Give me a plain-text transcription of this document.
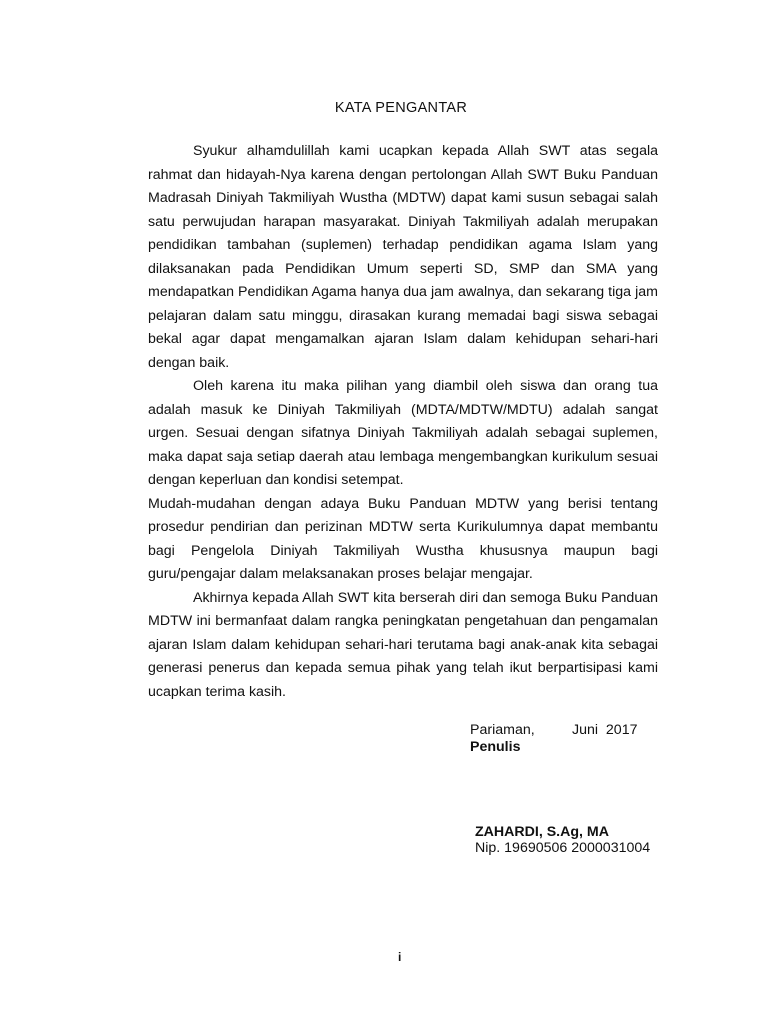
KATA PENGANTAR

Syukur alhamdulillah kami ucapkan kepada Allah SWT atas segala rahmat dan hidayah-Nya karena dengan pertolongan Allah SWT Buku Panduan Madrasah Diniyah Takmiliyah Wustha (MDTW) dapat kami susun sebagai salah satu perwujudan harapan masyarakat. Diniyah Takmiliyah adalah merupakan pendidikan tambahan (suplemen) terhadap pendidikan agama Islam yang dilaksanakan pada Pendidikan Umum seperti SD, SMP dan SMA yang mendapatkan Pendidikan Agama hanya dua jam awalnya, dan sekarang tiga jam pelajaran dalam satu minggu, dirasakan kurang memadai bagi siswa sebagai bekal agar dapat mengamalkan ajaran Islam dalam kehidupan sehari-hari dengan baik.

Oleh karena itu maka pilihan yang diambil oleh siswa dan orang tua adalah masuk ke Diniyah Takmiliyah (MDTA/MDTW/MDTU) adalah sangat urgen. Sesuai dengan sifatnya Diniyah Takmiliyah adalah sebagai suplemen, maka dapat saja setiap daerah atau lembaga mengembangkan kurikulum sesuai dengan keperluan dan kondisi setempat.

Mudah-mudahan dengan adaya Buku Panduan MDTW yang berisi tentang prosedur pendirian dan perizinan MDTW serta Kurikulumnya dapat membantu bagi Pengelola Diniyah Takmiliyah Wustha khususnya maupun bagi guru/pengajar dalam melaksanakan proses belajar mengajar.

Akhirnya kepada Allah SWT kita berserah diri dan semoga Buku Panduan MDTW ini bermanfaat dalam rangka peningkatan pengetahuan dan pengamalan ajaran Islam dalam kehidupan sehari-hari terutama bagi anak-anak kita sebagai generasi penerus dan kepada semua pihak yang telah ikut berpartisipasi kami ucapkan terima kasih.

Pariaman,	Juni  2017
Penulis
ZAHARDI, S.Ag, MA
Nip. 19690506 2000031004
i
